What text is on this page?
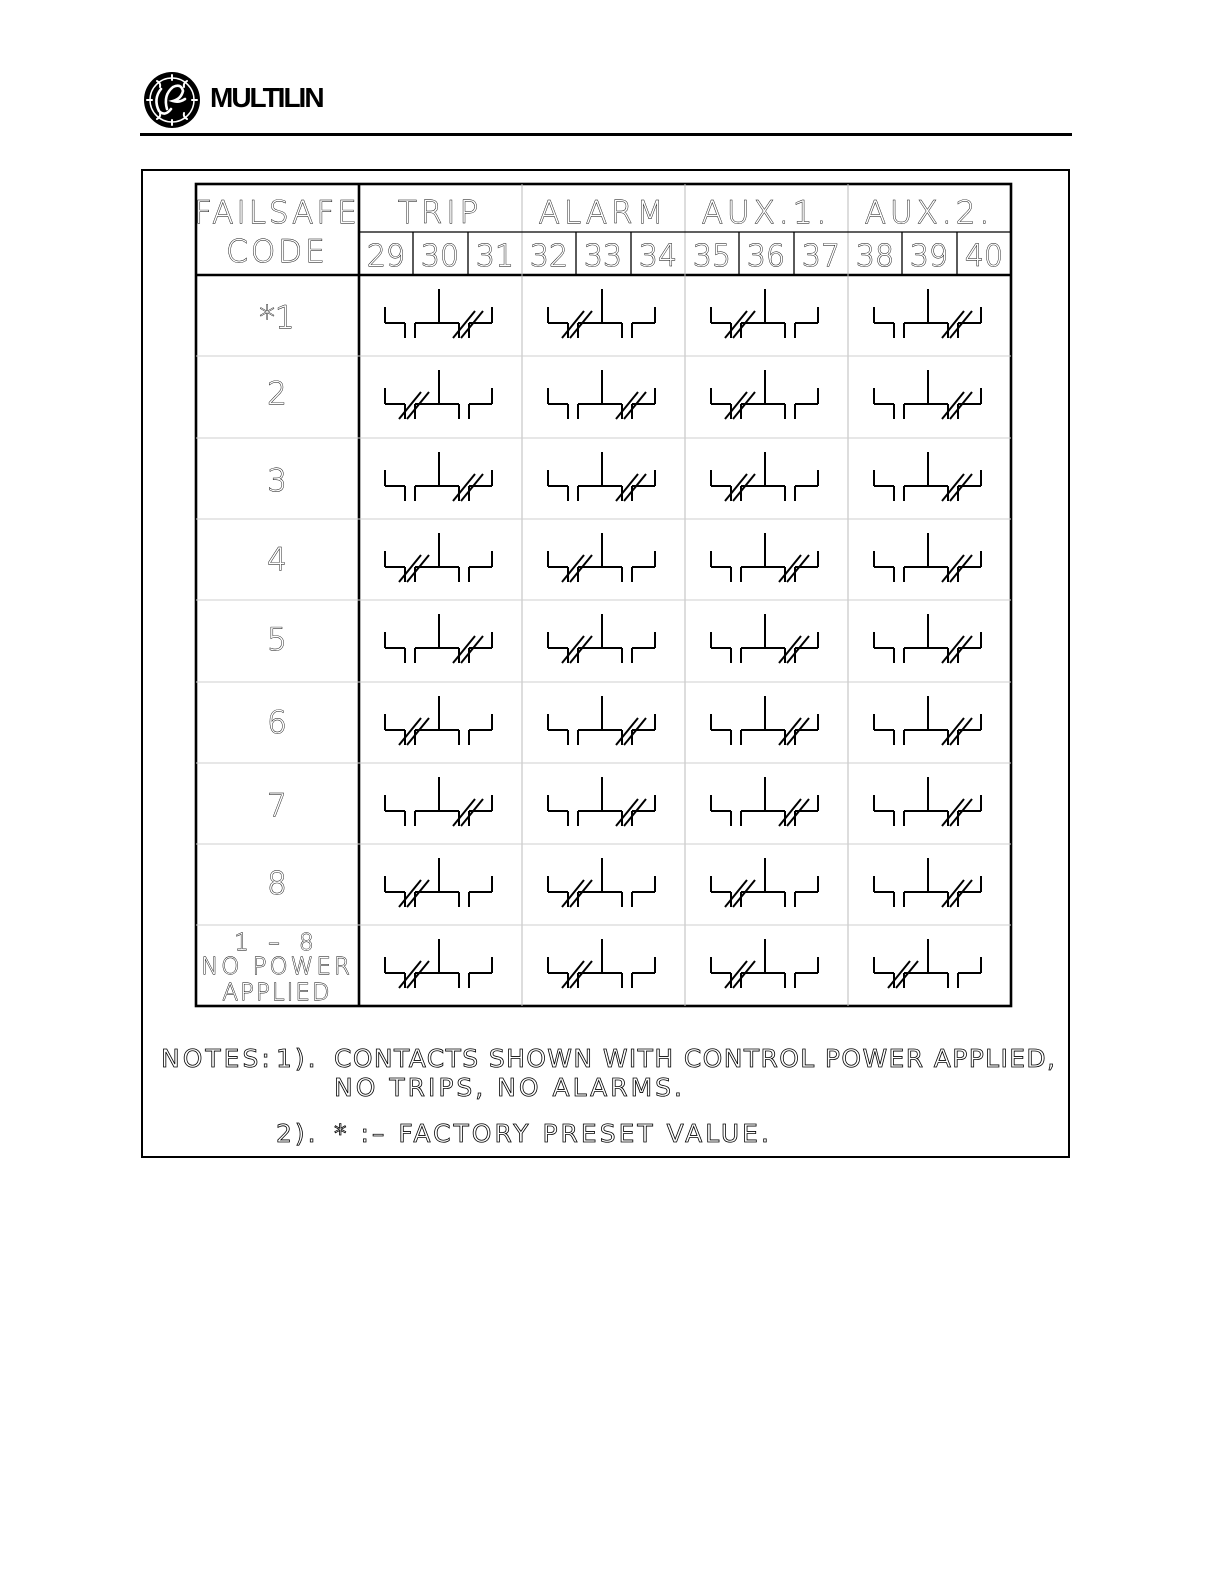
MULTILIN
FAILSAFE
CODE
TRIP ALARM AUX.1. AUX.2.
29 30 31 32 33 34 35 36 37 38 39 40
*1
2
3
4
5
6
7
8
1 – 8
NO POWER
APPLIED
NOTES: 1). CONTACTS SHOWN WITH CONTROL POWER APPLIED,
NO TRIPS, NO ALARMS.
2). * :– FACTORY PRESET VALUE.
